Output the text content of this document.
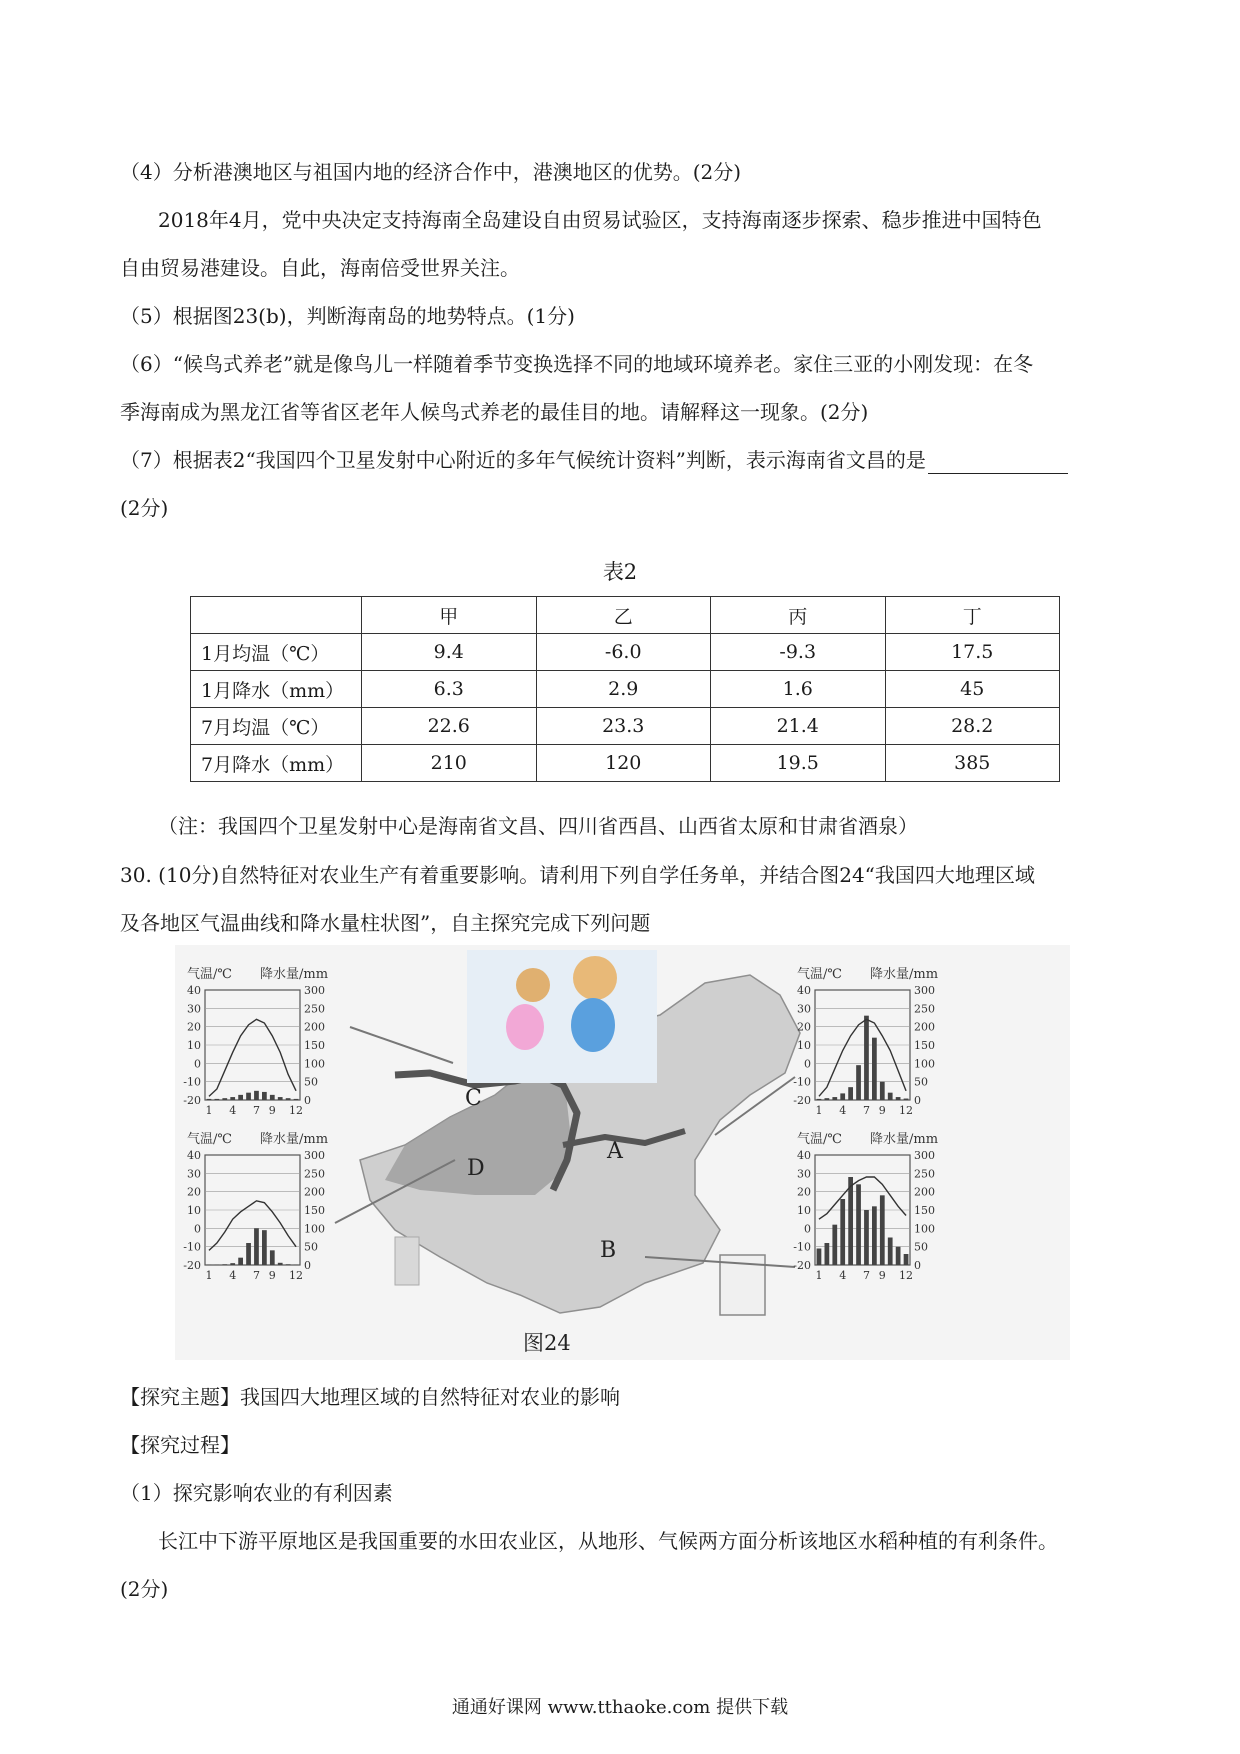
（4）分析港澳地区与祖国内地的经济合作中，港澳地区的优势。(2分)
2018年4月，党中央决定支持海南全岛建设自由贸易试验区，支持海南逐步探索、稳步推进中国特色
自由贸易港建设。自此，海南倍受世界关注。
（5）根据图23(b)，判断海南岛的地势特点。(1分)
（6）“候鸟式养老”就是像鸟儿一样随着季节变换选择不同的地域环境养老。家住三亚的小刚发现：在冬
季海南成为黑龙江省等省区老年人候鸟式养老的最佳目的地。请解释这一现象。(2分)
（7）根据表2“我国四个卫星发射中心附近的多年气候统计资料”判断，表示海南省文昌的是
(2分)
表2
	甲	乙	丙	丁
1月均温（℃）	9.4	-6.0	-9.3	17.5
1月降水（mm）	6.3	2.9	1.6	45
7月均温（℃）	22.6	23.3	21.4	28.2
7月降水（mm）	210	120	19.5	385
（注：我国四个卫星发射中心是海南省文昌、四川省西昌、山西省太原和甘肃省酒泉）
30. (10分)自然特征对农业生产有着重要影响。请利用下列自学任务单，并结合图24“我国四大地理区域
及各地区气温曲线和降水量柱状图”，自主探究完成下列问题
C
A
D
B
气温/℃ 降水量/mm
40
30
20
10
0
-10
-20
300
250
200
150
100
50
0
1 4 7 9 12
气温/℃ 降水量/mm
40
30
20
10
0
-10
-20
300
250
200
150
100
50
0
1 4 7 9 12
气温/℃ 降水量/mm
40
30
20
10
0
-10
-20
300
250
200
150
100
50
0
1 4 7 9 12
气温/℃ 降水量/mm
40
30
20
10
0
-10
-20
300
250
200
150
100
50
0
1 4 7 9 12
图24
【探究主题】我国四大地理区域的自然特征对农业的影响
【探究过程】
（1）探究影响农业的有利因素
长江中下游平原地区是我国重要的水田农业区，从地形、气候两方面分析该地区水稻种植的有利条件。
(2分)
通通好课网 www.tthaoke.com 提供下载
